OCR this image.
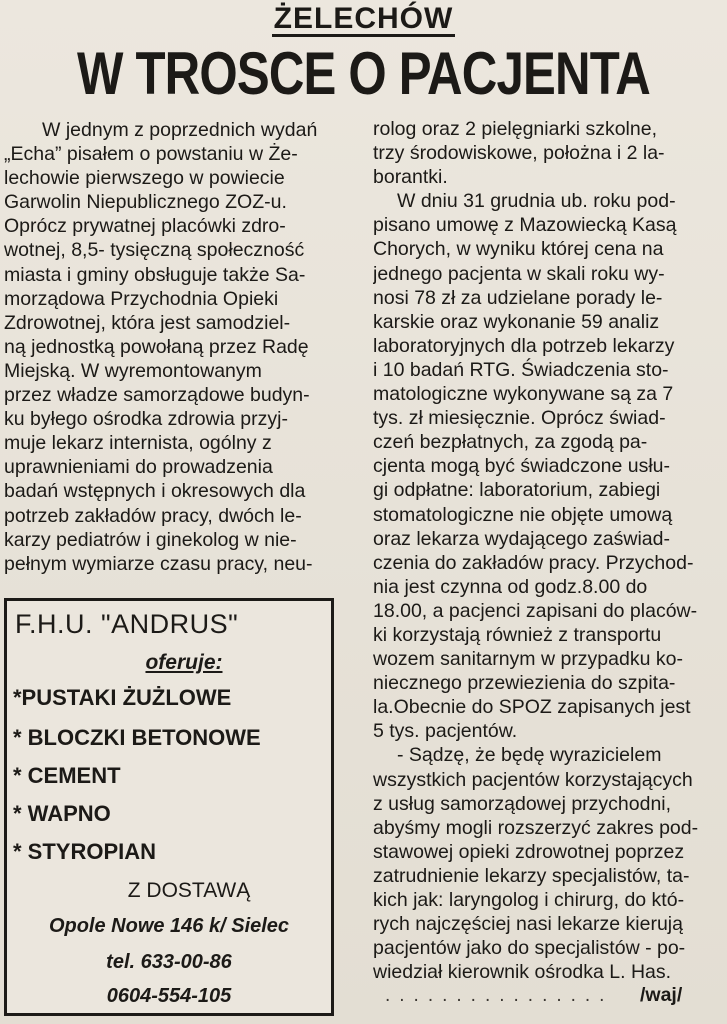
ŻELECHÓW
W TROSCE O PACJENTA
W jednym z poprzednich wydań
„Echa” pisałem o powstaniu w Że-
lechowie pierwszego w powiecie
Garwolin Niepublicznego ZOZ-u.
Oprócz prywatnej placówki zdro-
wotnej, 8,5- tysięczną społeczność
miasta i gminy obsługuje także Sa-
morządowa Przychodnia Opieki
Zdrowotnej, która jest samodziel-
ną jednostką powołaną przez Radę
Miejską. W wyremontowanym
przez władze samorządowe budyn-
ku byłego ośrodka zdrowia przyj-
muje lekarz internista, ogólny z
uprawnieniami do prowadzenia
badań wstępnych i okresowych dla
potrzeb zakładów pracy, dwóch le-
karzy pediatrów i ginekolog w nie-
pełnym wymiarze czasu pracy, neu-
rolog oraz 2 pielęgniarki szkolne,
trzy środowiskowe, położna i 2 la-
borantki.
W dniu 31 grudnia ub. roku pod-
pisano umowę z Mazowiecką Kasą
Chorych, w wyniku której cena na
jednego pacjenta w skali roku wy-
nosi 78 zł za udzielane porady le-
karskie oraz wykonanie 59 analiz
laboratoryjnych dla potrzeb lekarzy
i 10 badań RTG. Świadczenia sto-
matologiczne wykonywane są za 7
tys. zł miesięcznie. Oprócz świad-
czeń bezpłatnych, za zgodą pa-
cjenta mogą być świadczone usłu-
gi odpłatne: laboratorium, zabiegi
stomatologiczne nie objęte umową
oraz lekarza wydającego zaświad-
czenia do zakładów pracy. Przychod-
nia jest czynna od godz.8.00 do
18.00, a pacjenci zapisani do placów-
ki korzystają również z transportu
wozem sanitarnym w przypadku ko-
niecznego przewiezienia do szpita-
la.Obecnie do SPOZ zapisanych jest
5 tys. pacjentów.
- Sądzę, że będę wyrazicielem
wszystkich pacjentów korzystających
z usług samorządowej przychodni,
abyśmy mogli rozszerzyć zakres pod-
stawowej opieki zdrowotnej poprzez
zatrudnienie lekarzy specjalistów, ta-
kich jak: laryngolog i chirurg, do któ-
rych najczęściej nasi lekarze kierują
pacjentów jako do specjalistów - po-
wiedział kierownik ośrodka L. Has.
................	/waj/
F.H.U. "ANDRUS"
oferuje:
*PUSTAKI ŻUŻLOWE
* BLOCZKI BETONOWE
* CEMENT
* WAPNO
* STYROPIAN
Z DOSTAWĄ
Opole Nowe 146 k/ Sielec
tel. 633-00-86
0604-554-105
